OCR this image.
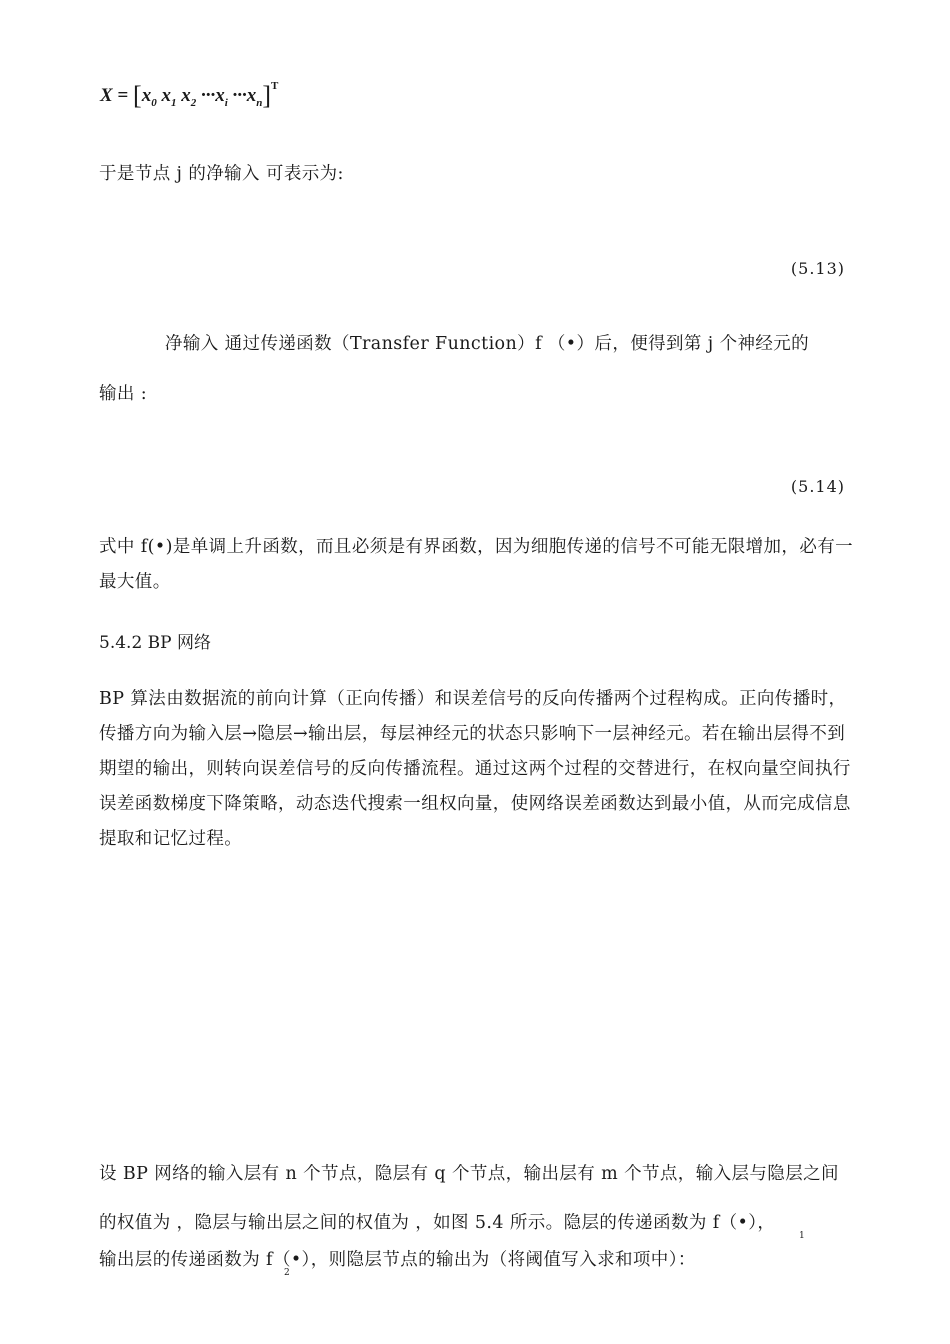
$X = [x_0$ $x_1$ $x_2 \cdot\cdot\cdot x_i \cdot\cdot\cdot x_n]^T$
于是节点 j 的净输入 可表示为:
(5.13)
净输入 通过传递函数（Transfer Function）f （•）后，便得到第 j 个神经元的
输出 :
(5.14)
式中 f(•)是单调上升函数，而且必须是有界函数，因为细胞传递的信号不可能无限增加，必有一最大值。
5.4.2 BP 网络
BP 算法由数据流的前向计算（正向传播）和误差信号的反向传播两个过程构成。正向传播时，传播方向为输入层→隐层→输出层，每层神经元的状态只影响下一层神经元。若在输出层得不到期望的输出，则转向误差信号的反向传播流程。通过这两个过程的交替进行，在权向量空间执行误差函数梯度下降策略，动态迭代搜索一组权向量，使网络误差函数达到最小值，从而完成信息提取和记忆过程。
设 BP 网络的输入层有 n 个节点，隐层有 q 个节点，输出层有 m 个节点，输入层与隐层之间
的权值为 ，隐层与输出层之间的权值为 ，如图 5.4 所示。隐层的传递函数为 f（•），
输出层的传递函数为 f（•），则隐层节点的输出为（将阈值写入求和项中）：
1
2
